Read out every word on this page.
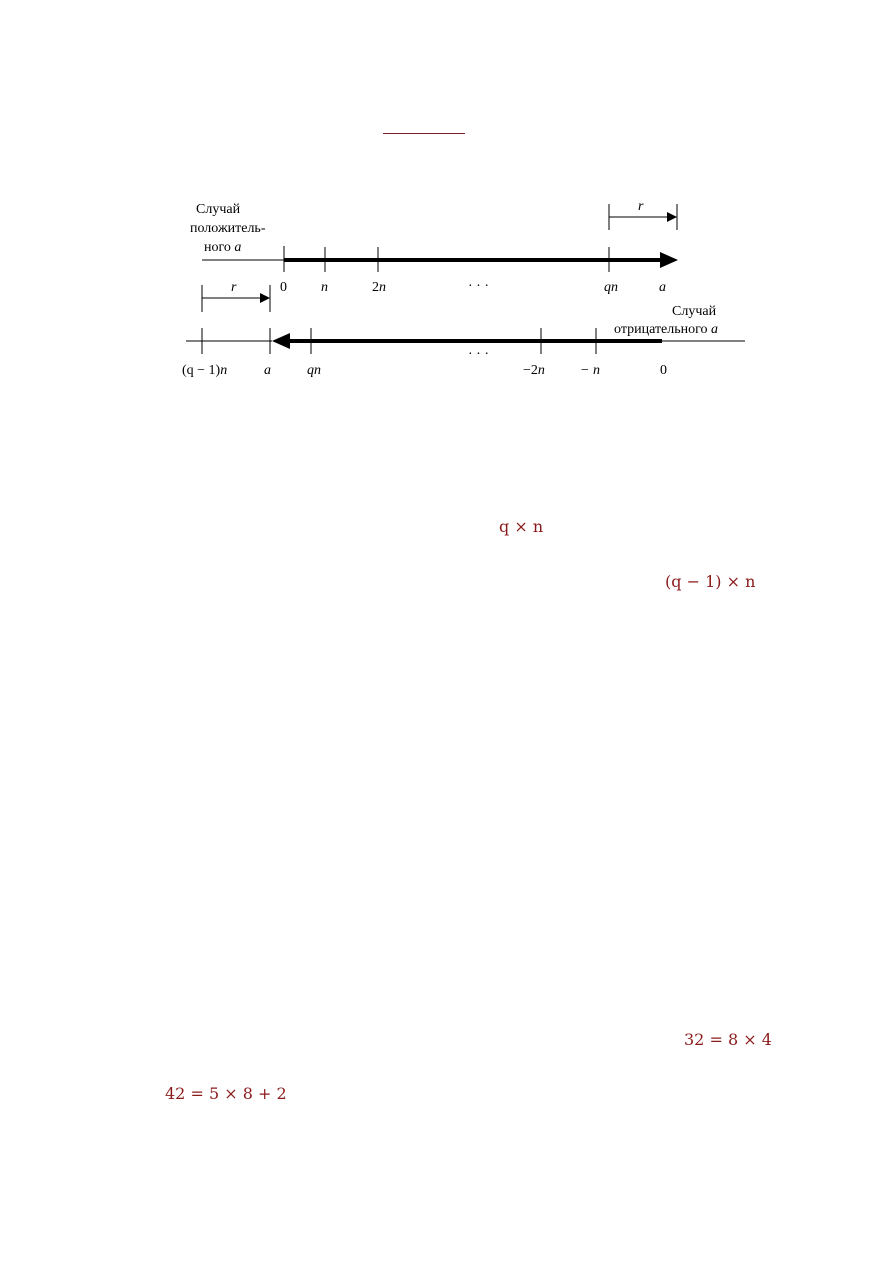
Случай
положитель-
ного a
0 n	2n	· · ·	qn	a
r
r
Случай
отрицательного a
(q − 1)n	a	qn
· · ·
−2n	− n	0
q × n
(q − 1) × n
32 = 8 × 4
42 = 5 × 8 + 2
